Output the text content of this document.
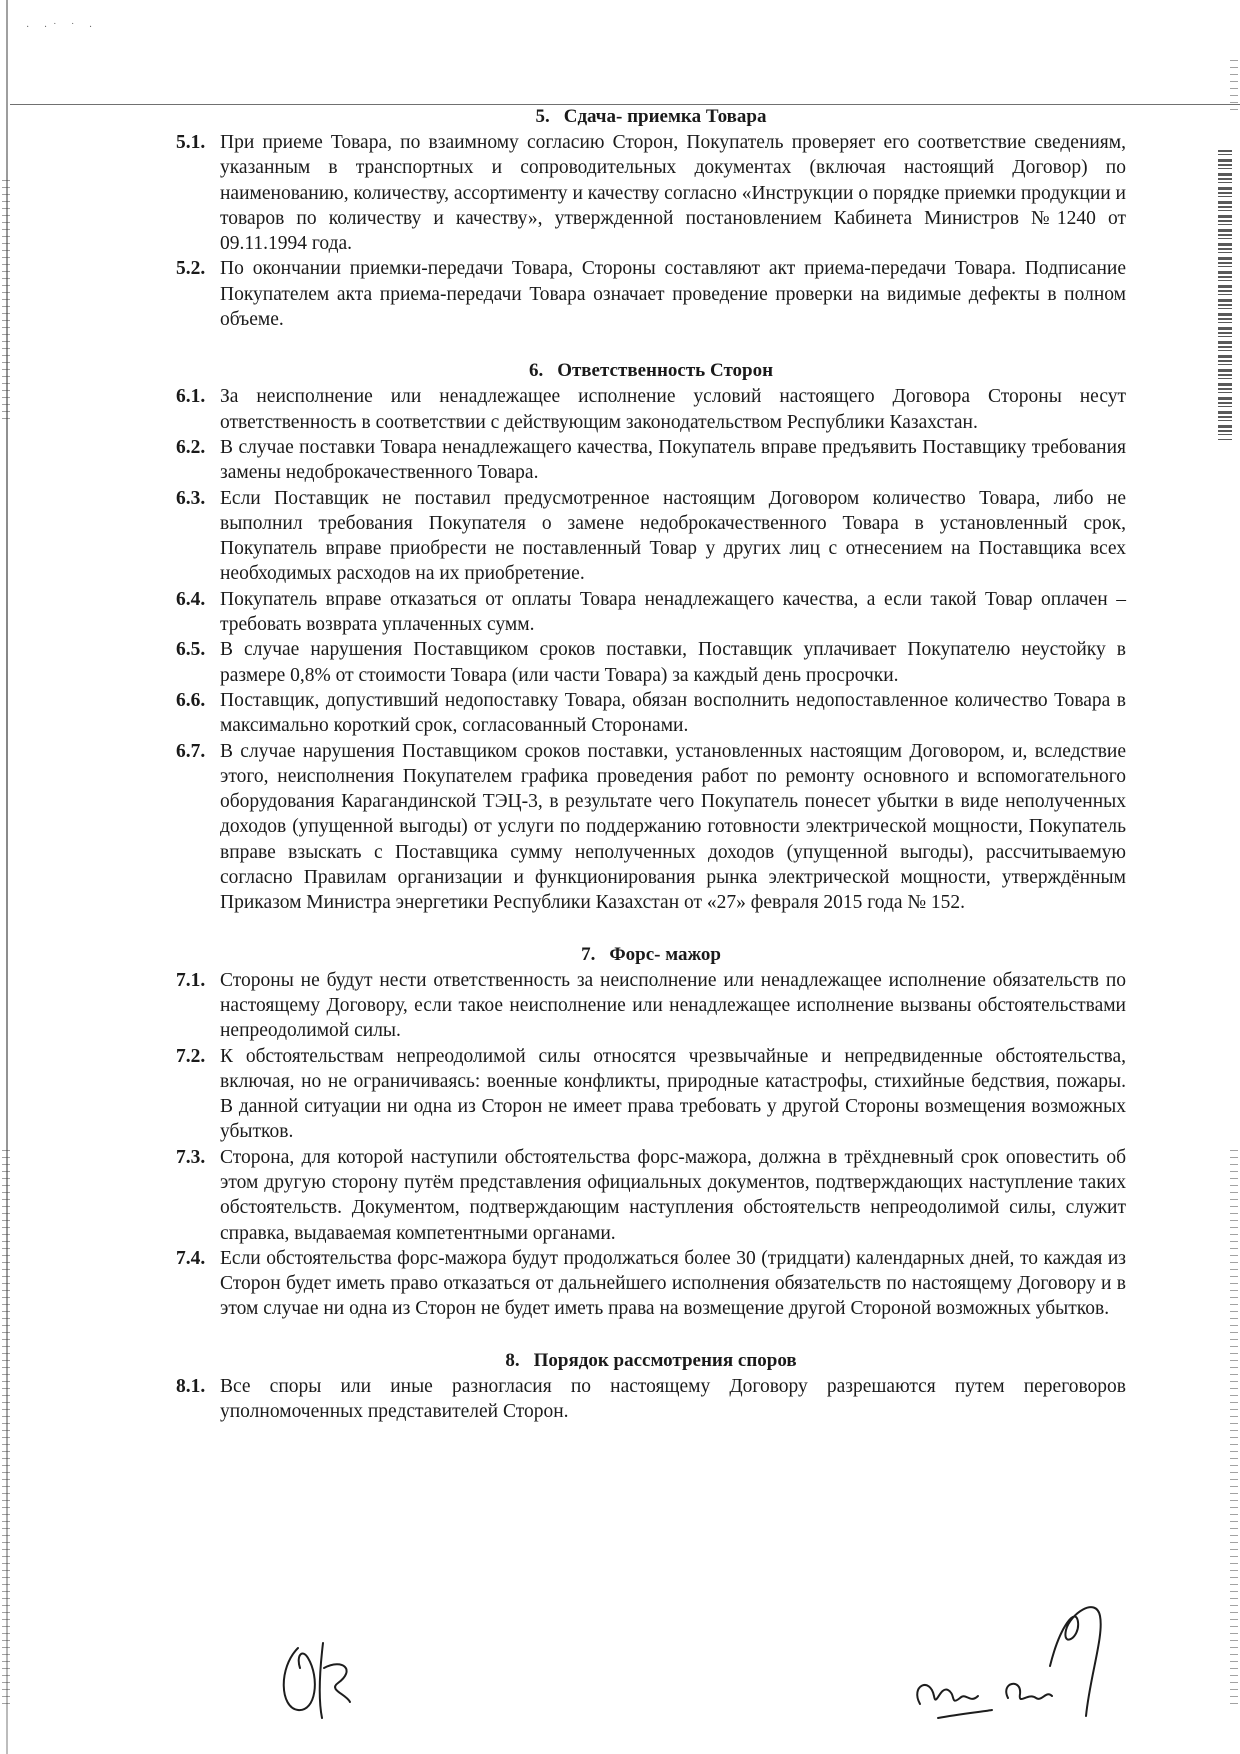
· ·˙ ˙ ·
5. Сдача- приемка Товара

5.1. При приеме Товара, по взаимному согласию Сторон, Покупатель проверяет его соответствие сведениям, указанным в транспортных и сопроводительных документах (включая настоящий Договор) по наименованию, количеству, ассортименту и качеству согласно «Инструкции о порядке приемки продукции и товаров по количеству и качеству», утвержденной постановлением Кабинета Министров №1240 от 09.11.1994 года.

5.2. По окончании приемки-передачи Товара, Стороны составляют акт приема-передачи Товара. Подписание Покупателем акта приема-передачи Товара означает проведение проверки на видимые дефекты в полном объеме.

6. Ответственность Сторон

6.1. За неисполнение или ненадлежащее исполнение условий настоящего Договора Стороны несут ответственность в соответствии с действующим законодательством Республики Казахстан.

6.2. В случае поставки Товара ненадлежащего качества, Покупатель вправе предъявить Поставщику требования замены недоброкачественного Товара.

6.3. Если Поставщик не поставил предусмотренное настоящим Договором количество Товара, либо не выполнил требования Покупателя о замене недоброкачественного Товара в установленный срок, Покупатель вправе приобрести не поставленный Товар у других лиц с отнесением на Поставщика всех необходимых расходов на их приобретение.

6.4. Покупатель вправе отказаться от оплаты Товара ненадлежащего качества, а если такой Товар оплачен – требовать возврата уплаченных сумм.

6.5. В случае нарушения Поставщиком сроков поставки, Поставщик уплачивает Покупателю неустойку в размере 0,8% от стоимости Товара (или части Товара) за каждый день просрочки.

6.6. Поставщик, допустивший недопоставку Товара, обязан восполнить недопоставленное количество Товара в максимально короткий срок, согласованный Сторонами.

6.7. В случае нарушения Поставщиком сроков поставки, установленных настоящим Договором, и, вследствие этого, неисполнения Покупателем графика проведения работ по ремонту основного и вспомогательного оборудования Карагандинской ТЭЦ-3, в результате чего Покупатель понесет убытки в виде неполученных доходов (упущенной выгоды) от услуги по поддержанию готовности электрической мощности, Покупатель вправе взыскать с Поставщика сумму неполученных доходов (упущенной выгоды), рассчитываемую согласно Правилам организации и функционирования рынка электрической мощности, утверждённым Приказом Министра энергетики Республики Казахстан от «27» февраля 2015 года № 152.

7. Форс- мажор

7.1. Стороны не будут нести ответственность за неисполнение или ненадлежащее исполнение обязательств по настоящему Договору, если такое неисполнение или ненадлежащее исполнение вызваны обстоятельствами непреодолимой силы.

7.2. К обстоятельствам непреодолимой силы относятся чрезвычайные и непредвиденные обстоятельства, включая, но не ограничиваясь: военные конфликты, природные катастрофы, стихийные бедствия, пожары. В данной ситуации ни одна из Сторон не имеет права требовать у другой Стороны возмещения возможных убытков.

7.3. Сторона, для которой наступили обстоятельства форс-мажора, должна в трёхдневный срок оповестить об этом другую сторону путём представления официальных документов, подтверждающих наступление таких обстоятельств. Документом, подтверждающим наступления обстоятельств непреодолимой силы, служит справка, выдаваемая компетентными органами.

7.4. Если обстоятельства форс-мажора будут продолжаться более 30 (тридцати) календарных дней, то каждая из Сторон будет иметь право отказаться от дальнейшего исполнения обязательств по настоящему Договору и в этом случае ни одна из Сторон не будет иметь права на возмещение другой Стороной возможных убытков.

8. Порядок рассмотрения споров

8.1. Все споры или иные разногласия по настоящему Договору разрешаются путем переговоров уполномоченных представителей Сторон.
